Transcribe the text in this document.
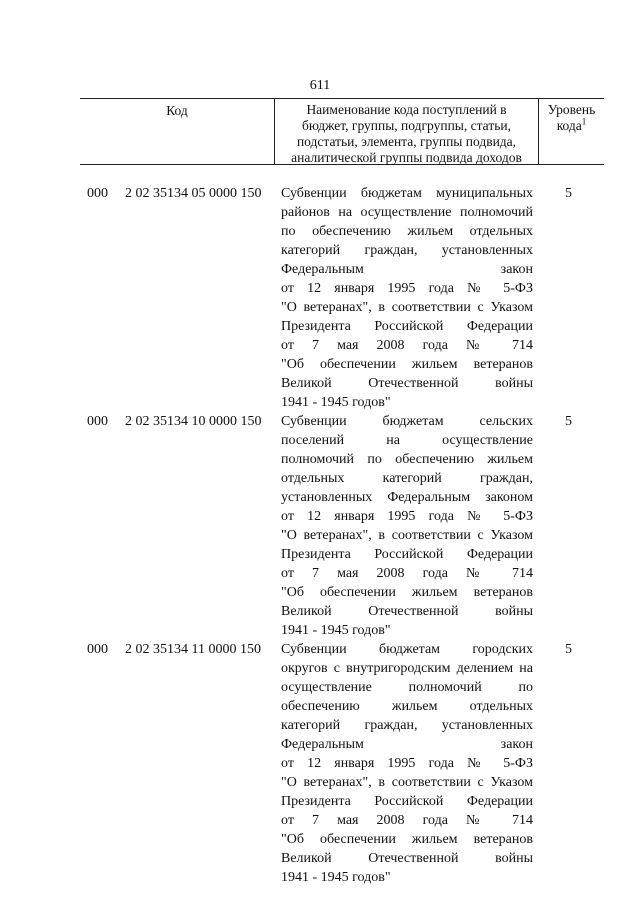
611
Код	Наименование кода поступлений в
бюджет, группы, подгруппы, статьи,
подстатьи, элемента, группы подвида,
аналитической группы подвида доходов
Уровень
кода$^1$
000 2 02 35134 05 0000 150 Субвенции бюджетам муниципальных
районов на осуществление полномочий
по обеспечению жильем отдельных
категорий граждан, установленных
Федеральным закон
от 12 января 1995 года № 5-ФЗ
"О ветеранах", в соответствии с Указом
Президента Российской Федерации
от 7 мая 2008 года № 714
"Об обеспечении жильем ветеранов
Великой Отечественной войны
1941 - 1945 годов"
5
000 2 02 35134 10 0000 150 Субвенции бюджетам сельских
поселений на осуществление
полномочий по обеспечению жильем
отдельных категорий граждан,
установленных Федеральным законом
от 12 января 1995 года № 5-ФЗ
"О ветеранах", в соответствии с Указом
Президента Российской Федерации
от 7 мая 2008 года № 714
"Об обеспечении жильем ветеранов
Великой Отечественной войны
1941 - 1945 годов"
5
000 2 02 35134 11 0000 150 Субвенции бюджетам городских
округов с внутригородским делением на
осуществление полномочий по
обеспечению жильем отдельных
категорий граждан, установленных
Федеральным закон
от 12 января 1995 года № 5-ФЗ
"О ветеранах", в соответствии с Указом
Президента Российской Федерации
от 7 мая 2008 года № 714
"Об обеспечении жильем ветеранов
Великой Отечественной войны
1941 - 1945 годов"
5
